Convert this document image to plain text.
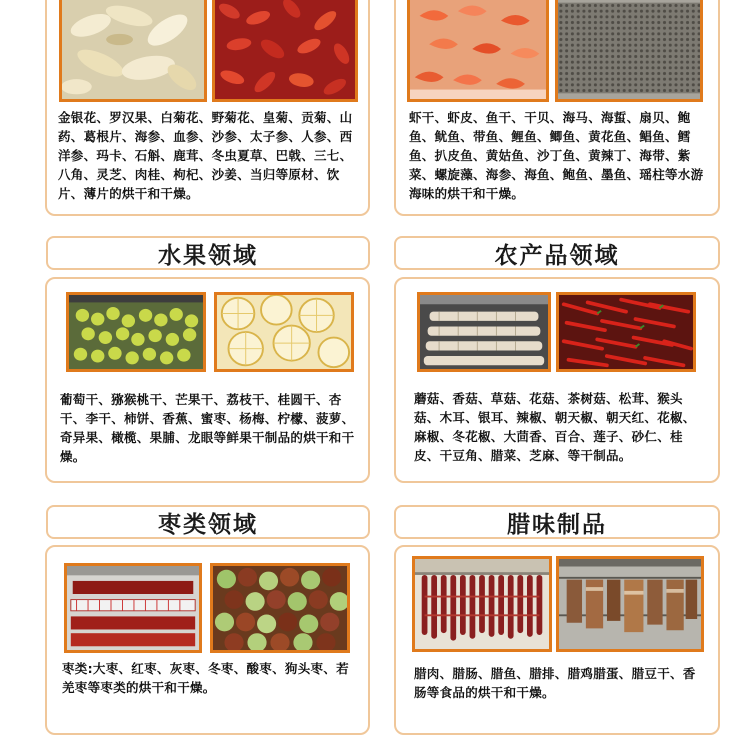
金银花、罗汉果、白菊花、野菊花、皇菊、贡菊、山药、葛根片、海参、血参、沙参、太子参、人参、西洋参、玛卡、石斛、鹿茸、冬虫夏草、巴戟、三七、八角、灵芝、肉桂、枸杞、沙姜、当归等原材、饮片、薄片的烘干和干燥。
虾干、虾皮、鱼干、干贝、海马、海蜇、扇贝、鲍鱼、鱿鱼、带鱼、鲤鱼、鲫鱼、黄花鱼、鲳鱼、鳕鱼、扒皮鱼、黄姑鱼、沙丁鱼、黄辣丁、海带、紫菜、螺旋藻、海参、海鱼、鲍鱼、墨鱼、瑶柱等水游海味的烘干和干燥。
水果领域
葡萄干、猕猴桃干、芒果干、荔枝干、桂圆干、杏干、李干、柿饼、香蕉、蜜枣、杨梅、柠檬、菠萝、奇异果、橄榄、果脯、龙眼等鲜果干制品的烘干和干燥。
农产品领域
蘑菇、香菇、草菇、花菇、茶树菇、松茸、猴头菇、木耳、银耳、辣椒、朝天椒、朝天红、花椒、麻椒、冬花椒、大茴香、百合、莲子、砂仁、桂皮、干豆角、腊菜、芝麻、等干制品。
枣类领域
枣类:大枣、红枣、灰枣、冬枣、酸枣、狗头枣、若羌枣等枣类的烘干和干燥。
腊味制品
腊肉、腊肠、腊鱼、腊排、腊鸡腊蛋、腊豆干、香肠等食品的烘干和干燥。
